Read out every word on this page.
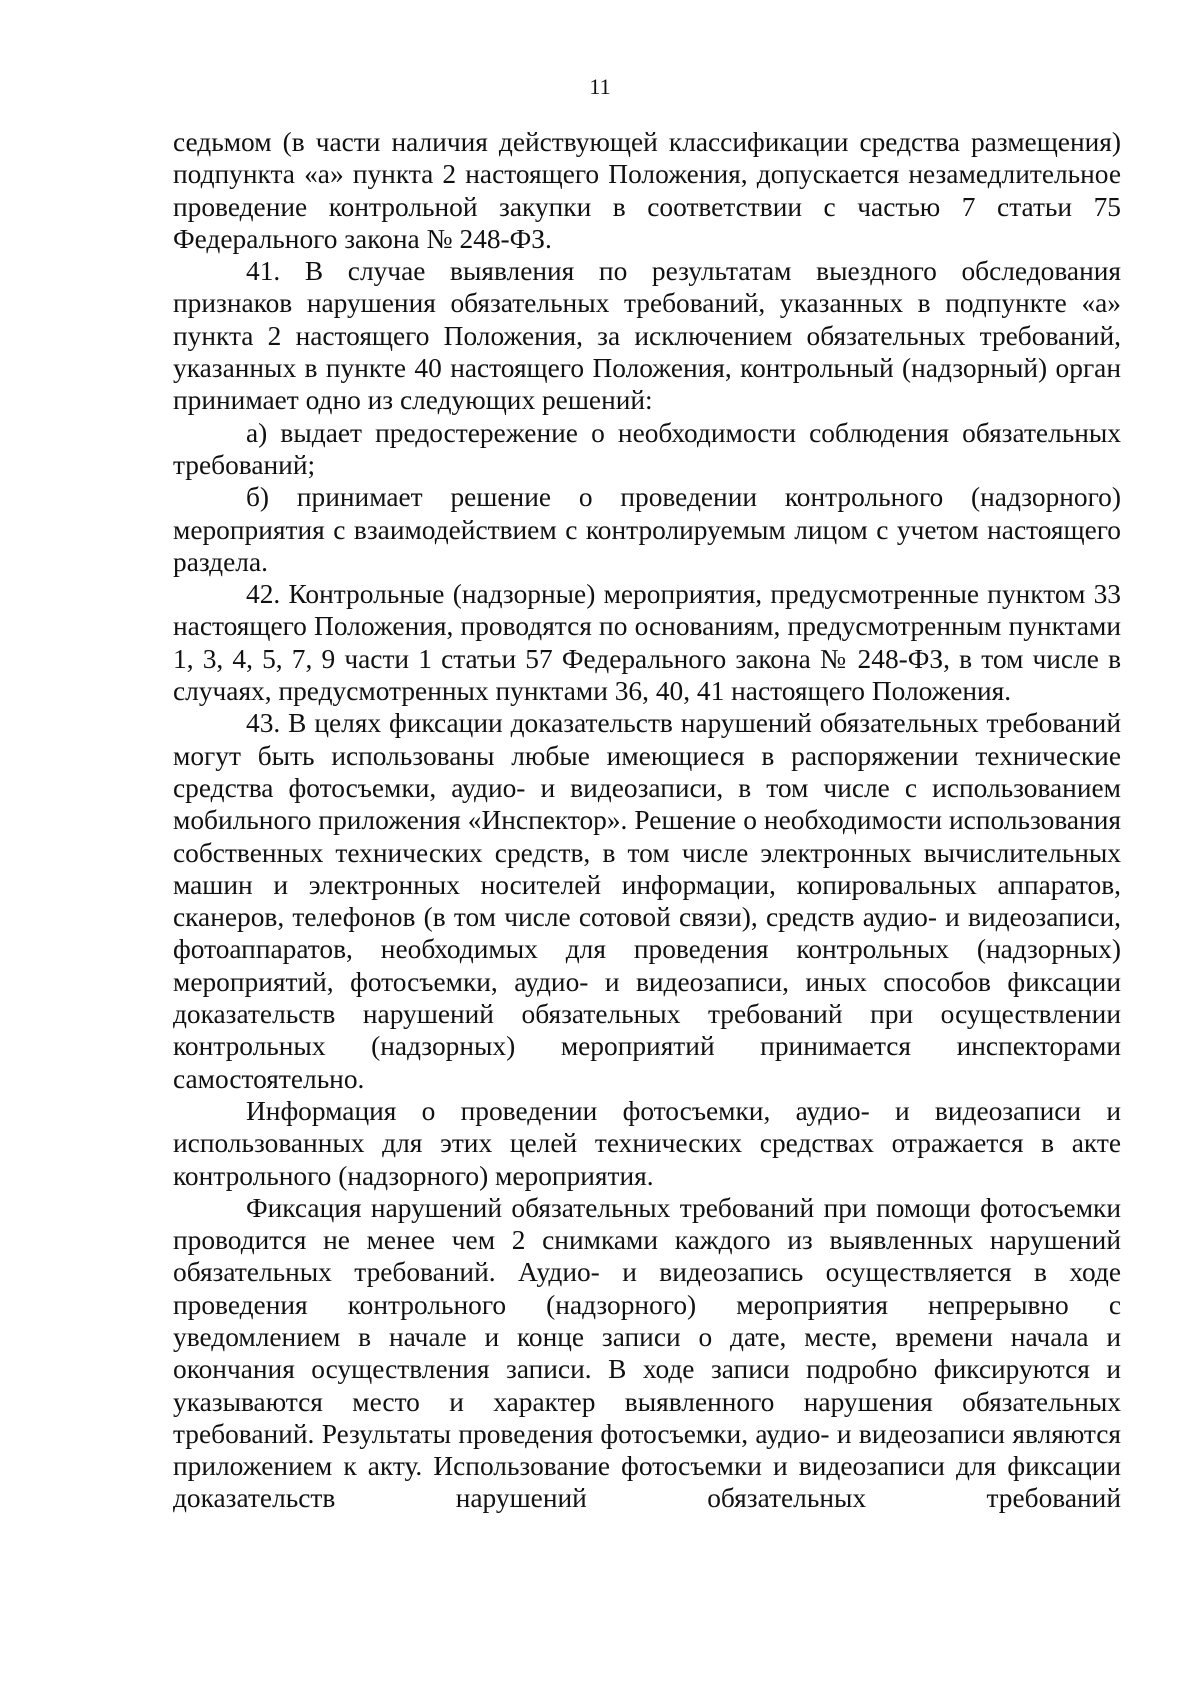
11

седьмом (в части наличия действующей классификации средства размещения) подпункта «а» пункта 2 настоящего Положения, допускается незамедлительное проведение контрольной закупки в соответствии с частью 7 статьи 75 Федерального закона № 248-ФЗ.

41. В случае выявления по результатам выездного обследования признаков нарушения обязательных требований, указанных в подпункте «а» пункта 2 настоящего Положения, за исключением обязательных требований, указанных в пункте 40 настоящего Положения, контрольный (надзорный) орган принимает одно из следующих решений:

а) выдает предостережение о необходимости соблюдения обязательных требований;

б) принимает решение о проведении контрольного (надзорного) мероприятия с взаимодействием с контролируемым лицом с учетом настоящего раздела.

42. Контрольные (надзорные) мероприятия, предусмотренные пунктом 33 настоящего Положения, проводятся по основаниям, предусмотренным пунктами 1, 3, 4, 5, 7, 9 части 1 статьи 57 Федерального закона № 248-ФЗ, в том числе в случаях, предусмотренных пунктами 36, 40, 41 настоящего Положения.

43. В целях фиксации доказательств нарушений обязательных требований могут быть использованы любые имеющиеся в распоряжении технические средства фотосъемки, аудио- и видеозаписи, в том числе с использованием мобильного приложения «Инспектор». Решение о необходимости использования собственных технических средств, в том числе электронных вычислительных машин и электронных носителей информации, копировальных аппаратов, сканеров, телефонов (в том числе сотовой связи), средств аудио- и видеозаписи, фотоаппаратов, необходимых для проведения контрольных (надзорных) мероприятий, фотосъемки, аудио- и видеозаписи, иных способов фиксации доказательств нарушений обязательных требований при осуществлении контрольных (надзорных) мероприятий принимается инспекторами самостоятельно.

Информация о проведении фотосъемки, аудио- и видеозаписи и использованных для этих целей технических средствах отражается в акте контрольного (надзорного) мероприятия.

Фиксация нарушений обязательных требований при помощи фотосъемки проводится не менее чем 2 снимками каждого из выявленных нарушений обязательных требований. Аудио- и видеозапись осуществляется в ходе проведения контрольного (надзорного) мероприятия непрерывно с уведомлением в начале и конце записи о дате, месте, времени начала и окончания осуществления записи. В ходе записи подробно фиксируются и указываются место и характер выявленного нарушения обязательных требований. Результаты проведения фотосъемки, аудио- и видеозаписи являются приложением к акту. Использование фотосъемки и видеозаписи для фиксации доказательств нарушений обязательных требований
